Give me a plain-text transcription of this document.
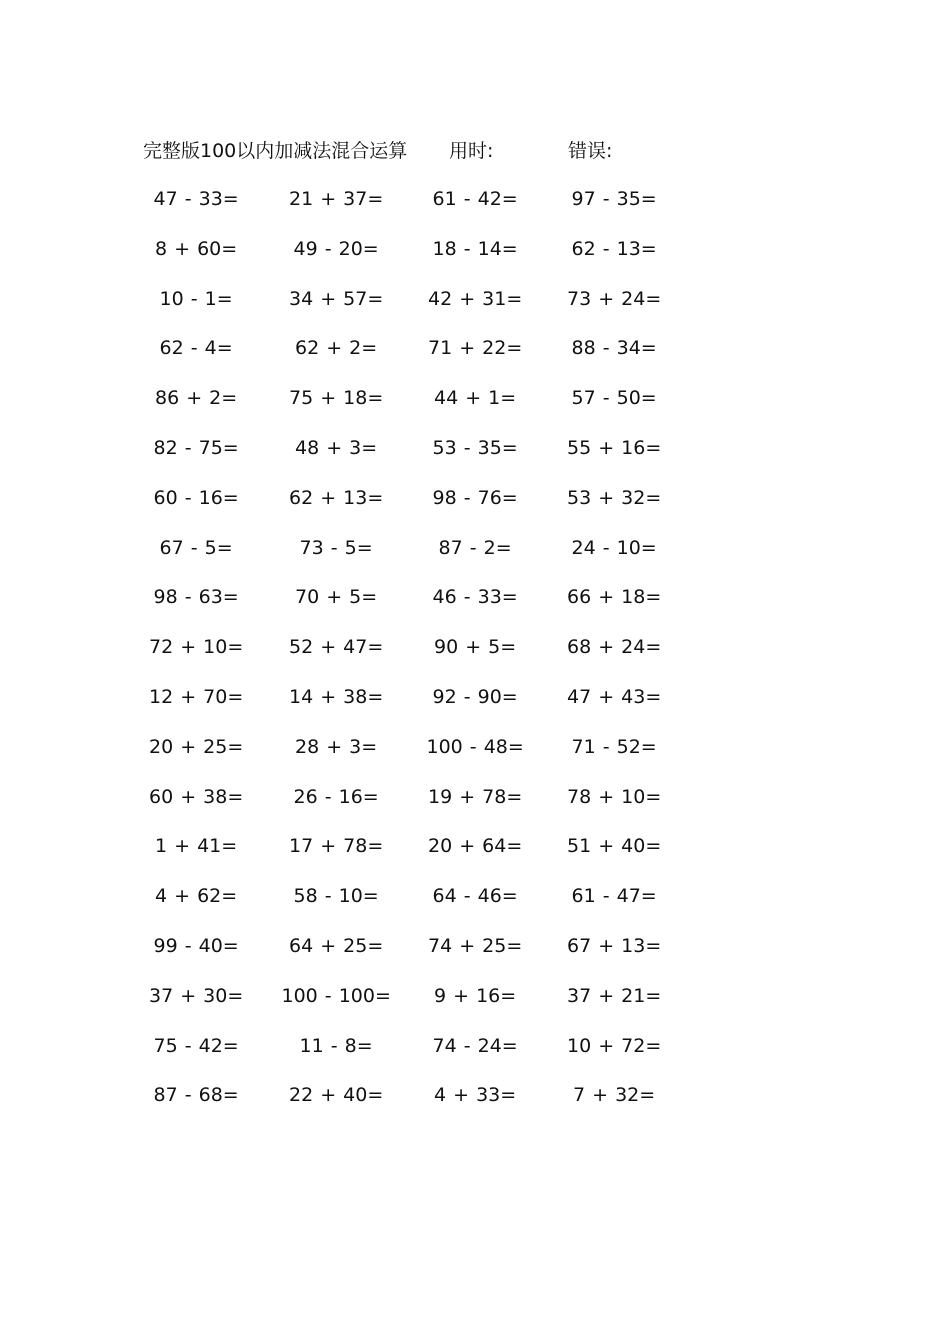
完整版100以内加减法混合运算 用时:	错误:
47 - 33=	21 + 37=	61 - 42=	97 - 35=
8 + 60=	49 - 20=	18 - 14=	62 - 13=
10 - 1=	34 + 57= 42 + 31= 73 + 24=
62 - 4=	62 + 2=	71 + 22=	88 - 34=
86 + 2=	75 + 18=	44 + 1=	57 - 50=
82 - 75=	48 + 3=	53 - 35=	55 + 16=
60 - 16=	62 + 13=	98 - 76=	53 + 32=
67 - 5=	73 - 5=	87 - 2=	24 - 10=
98 - 63=	70 + 5=	46 - 33=	66 + 18=
72 + 10= 52 + 47=	90 + 5=	68 + 24=
12 + 70= 14 + 38=	92 - 90=	47 + 43=
20 + 25=	28 + 3=	100 - 48=	71 - 52=
60 + 38=	26 - 16=	19 + 78= 78 + 10=
1 + 41=	17 + 78= 20 + 64= 51 + 40=
4 + 62=	58 - 10=	64 - 46=	61 - 47=
99 - 40=	64 + 25= 74 + 25= 67 + 13=
37 + 30= 100 - 100= 9 + 16=	37 + 21=
75 - 42=	11 - 8=	74 - 24=	10 + 72=
87 - 68=	22 + 40=	4 + 33=	7 + 32=
